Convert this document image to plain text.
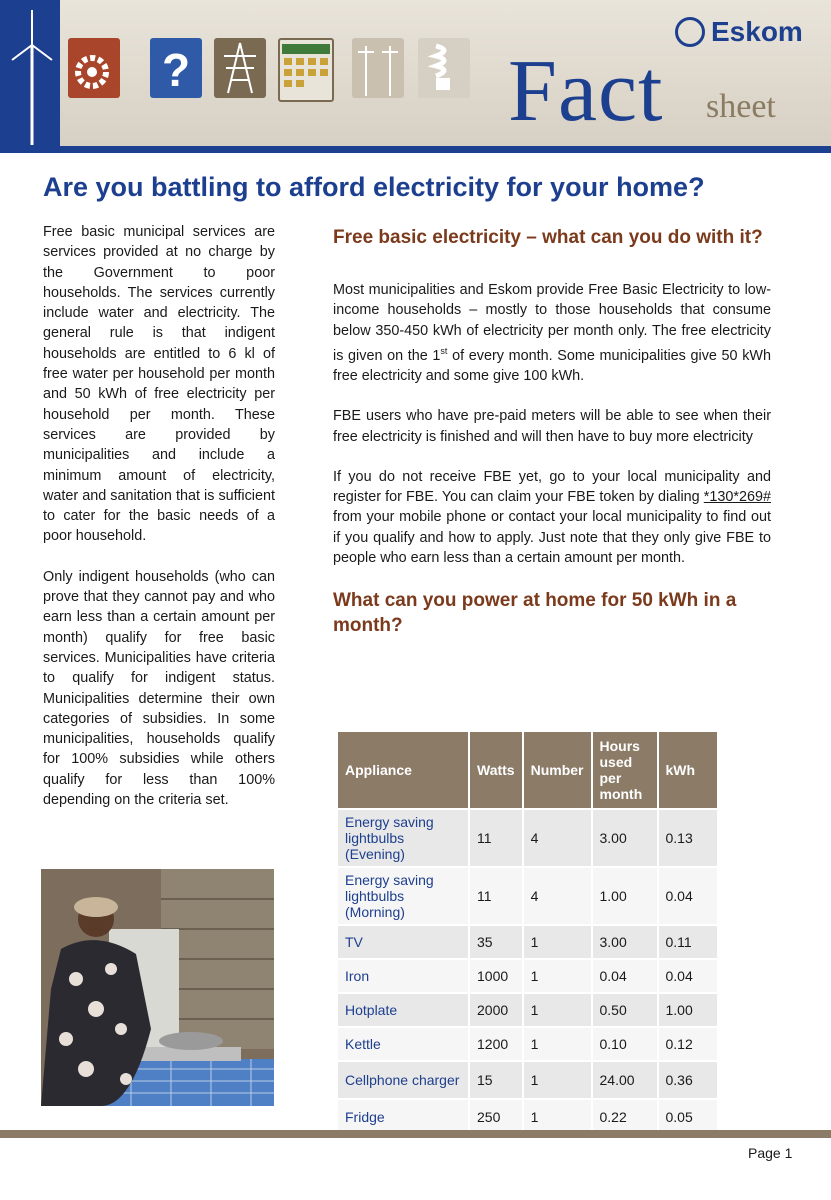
?
Eskom
Fact sheet
Are you battling to afford electricity for your home?

Free basic municipal services are services provided at no charge by the Government to poor households. The services currently include water and electricity. The general rule is that indigent households are entitled to 6 kl of free water per household per month and 50 kWh of free electricity per household per month. These services are provided by municipalities and include a minimum amount of electricity, water and sanitation that is sufficient to cater for the basic needs of a poor household.

Only indigent households (who can prove that they cannot pay and who earn less than a certain amount per month) qualify for free basic services. Municipalities have criteria to qualify for indigent status. Municipalities determine their own categories of subsidies. In some municipalities, households qualify for 100% subsidies while others qualify for less than 100% depending on the criteria set.

Free basic electricity – what can you do with it?

Most municipalities and Eskom provide Free Basic Electricity to low-income households – mostly to those households that consume below 350-450 kWh of electricity per month only. The free electricity is given on the 1st of every month. Some municipalities give 50 kWh free electricity and some give 100 kWh.

FBE users who have pre-paid meters will be able to see when their free electricity is finished and will then have to buy more electricity

If you do not receive FBE yet, go to your local municipality and register for FBE. You can claim your FBE token by dialing *130*269# from your mobile phone or contact your local municipality to find out if you qualify and how to apply. Just note that they only give FBE to people who earn less than a certain amount per month.

What can you power at home for 50 kWh in a month?
Appliance	Watts	Number	Hours used per month	kWh
Energy saving lightbulbs (Evening)	11	4	3.00	0.13
Energy saving lightbulbs (Morning)	11	4	1.00	0.04
TV	35	1	3.00	0.11
Iron	1000	1	0.04	0.04
Hotplate	2000	1	0.50	1.00
Kettle	1200	1	0.10	0.12
Cellphone charger	15	1	24.00	0.36
Fridge	250	1	0.22	0.05
Page 1
